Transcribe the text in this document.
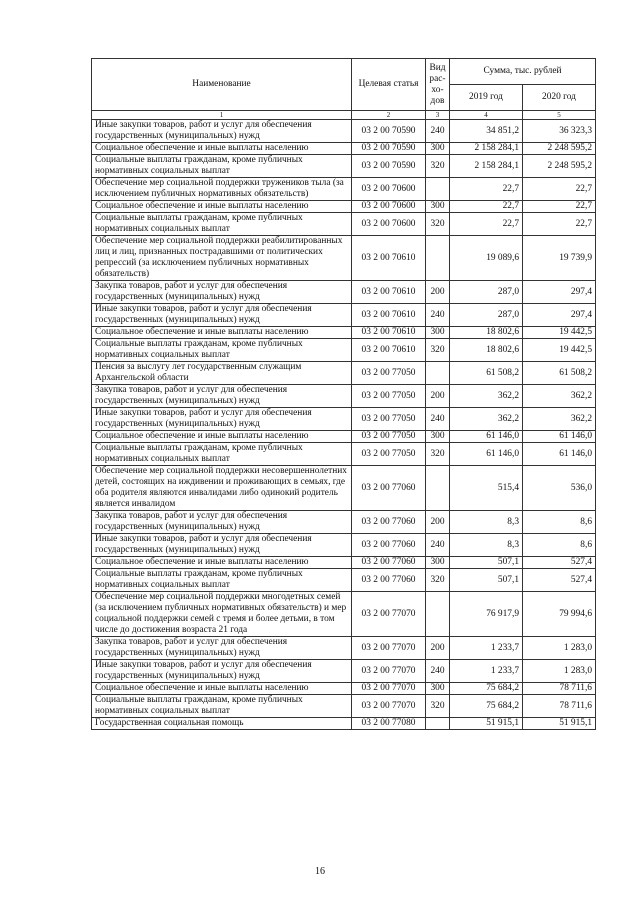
Наименование	Целевая статья	Вид
рас-
хо-
дов	Сумма, тыс. рублей	
			2019 год	2020 год
1	2	3	4	5
Иные закупки товаров, работ и услуг для обеспечения государственных (муниципальных) нужд	03 2 00 70590	240	34 851,2	36 323,3
Социальное обеспечение и иные выплаты населению	03 2 00 70590	300	2 158 284,1	2 248 595,2
Социальные выплаты гражданам, кроме публичных нормативных социальных выплат	03 2 00 70590	320	2 158 284,1	2 248 595,2
Обеспечение мер социальной поддержки тружеников тыла (за исключением публичных нормативных обязательств)	03 2 00 70600		22,7	22,7
Социальное обеспечение и иные выплаты населению	03 2 00 70600	300	22,7	22,7
Социальные выплаты гражданам, кроме публичных нормативных социальных выплат	03 2 00 70600	320	22,7	22,7
Обеспечение мер социальной поддержки реабилитированных лиц и лиц, признанных пострадавшими от политических репрессий (за исключением публичных нормативных обязательств)	03 2 00 70610		19 089,6	19 739,9
Закупка товаров, работ и услуг для обеспечения государственных (муниципальных) нужд	03 2 00 70610	200	287,0	297,4
Иные закупки товаров, работ и услуг для обеспечения государственных (муниципальных) нужд	03 2 00 70610	240	287,0	297,4
Социальное обеспечение и иные выплаты населению	03 2 00 70610	300	18 802,6	19 442,5
Социальные выплаты гражданам, кроме публичных нормативных социальных выплат	03 2 00 70610	320	18 802,6	19 442,5
Пенсия за выслугу лет государственным служащим Архангельской области	03 2 00 77050		61 508,2	61 508,2
Закупка товаров, работ и услуг для обеспечения государственных (муниципальных) нужд	03 2 00 77050	200	362,2	362,2
Иные закупки товаров, работ и услуг для обеспечения государственных (муниципальных) нужд	03 2 00 77050	240	362,2	362,2
Социальное обеспечение и иные выплаты населению	03 2 00 77050	300	61 146,0	61 146,0
Социальные выплаты гражданам, кроме публичных нормативных социальных выплат	03 2 00 77050	320	61 146,0	61 146,0
Обеспечение мер социальной поддержки несовершеннолетних детей, состоящих на иждивении и проживающих в семьях, где оба родителя являются инвалидами либо одинокий родитель является инвалидом	03 2 00 77060		515,4	536,0
Закупка товаров, работ и услуг для обеспечения государственных (муниципальных) нужд	03 2 00 77060	200	8,3	8,6
Иные закупки товаров, работ и услуг для обеспечения государственных (муниципальных) нужд	03 2 00 77060	240	8,3	8,6
Социальное обеспечение и иные выплаты населению	03 2 00 77060	300	507,1	527,4
Социальные выплаты гражданам, кроме публичных нормативных социальных выплат	03 2 00 77060	320	507,1	527,4
Обеспечение мер социальной поддержки многодетных семей (за исключением публичных нормативных обязательств) и мер социальной поддержки семей с тремя и более детьми, в том числе до достижения возраста 21 года	03 2 00 77070		76 917,9	79 994,6
Закупка товаров, работ и услуг для обеспечения государственных (муниципальных) нужд	03 2 00 77070	200	1 233,7	1 283,0
Иные закупки товаров, работ и услуг для обеспечения государственных (муниципальных) нужд	03 2 00 77070	240	1 233,7	1 283,0
Социальное обеспечение и иные выплаты населению	03 2 00 77070	300	75 684,2	78 711,6
Социальные выплаты гражданам, кроме публичных нормативных социальных выплат	03 2 00 77070	320	75 684,2	78 711,6
Государственная социальная помощь	03 2 00 77080		51 915,1	51 915,1
16
